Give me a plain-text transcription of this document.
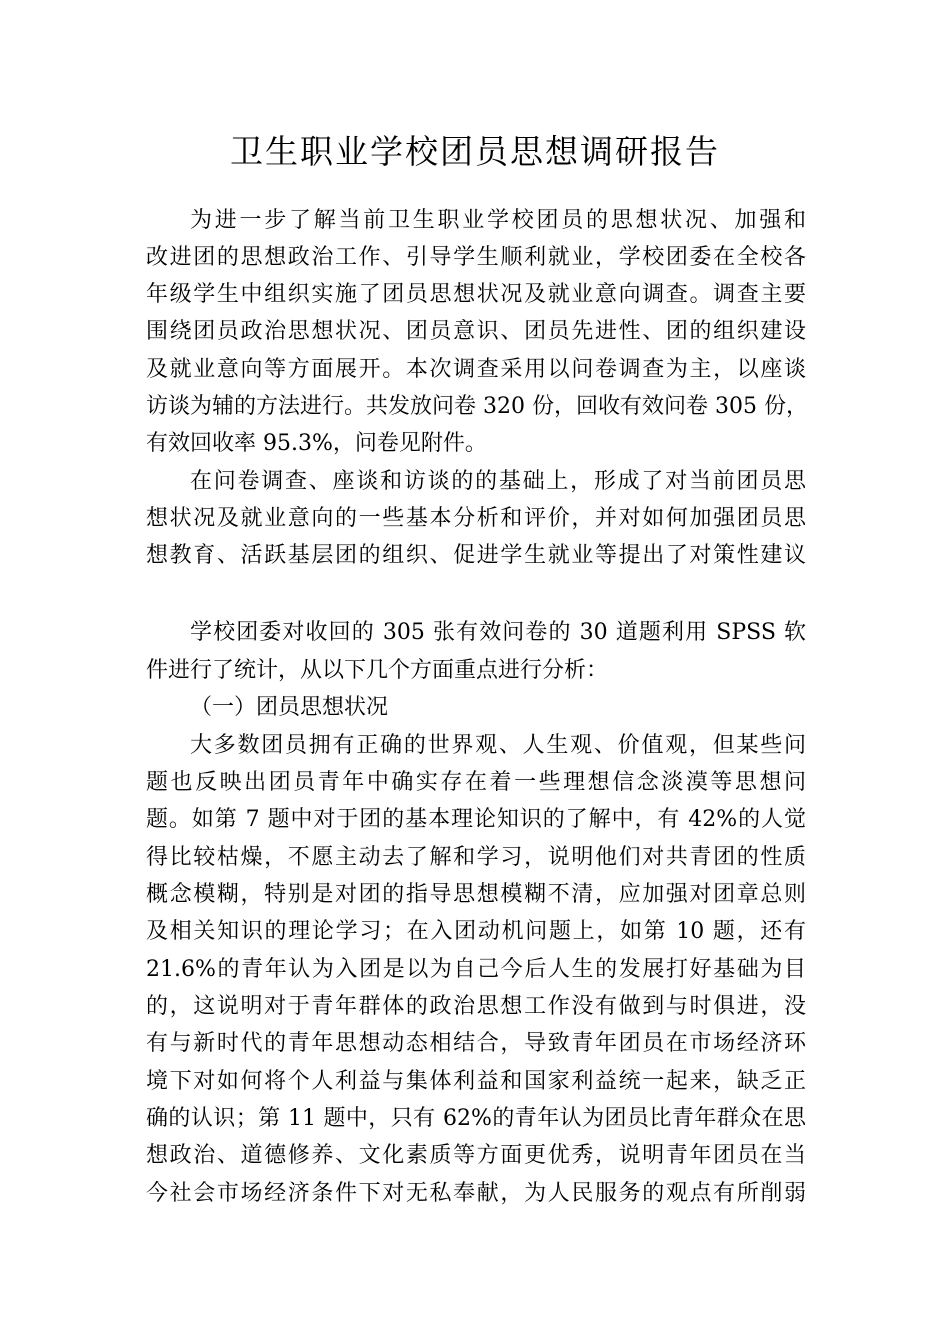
卫生职业学校团员思想调研报告
为进一步了解当前卫生职业学校团员的思想状况、加强和
改进团的思想政治工作、引导学生顺利就业，学校团委在全校各
年级学生中组织实施了团员思想状况及就业意向调查。调查主要
围绕团员政治思想状况、团员意识、团员先进性、团的组织建设
及就业意向等方面展开。本次调查采用以问卷调查为主，以座谈
访谈为辅的方法进行。共发放问卷 320 份，回收有效问卷 305 份，
有效回收率 95.3%，问卷见附件。
在问卷调查、座谈和访谈的的基础上，形成了对当前团员思
想状况及就业意向的一些基本分析和评价，并对如何加强团员思
想教育、活跃基层团的组织、促进学生就业等提出了对策性建议
学校团委对收回的 305 张有效问卷的 30 道题利用 SPSS 软
件进行了统计，从以下几个方面重点进行分析：
（一）团员思想状况
大多数团员拥有正确的世界观、人生观、价值观，但某些问
题也反映出团员青年中确实存在着一些理想信念淡漠等思想问
题。如第 7 题中对于团的基本理论知识的了解中，有 42%的人觉
得比较枯燥，不愿主动去了解和学习，说明他们对共青团的性质
概念模糊，特别是对团的指导思想模糊不清，应加强对团章总则
及相关知识的理论学习；在入团动机问题上，如第 10 题，还有
21.6%的青年认为入团是以为自己今后人生的发展打好基础为目
的，这说明对于青年群体的政治思想工作没有做到与时俱进，没
有与新时代的青年思想动态相结合，导致青年团员在市场经济环
境下对如何将个人利益与集体利益和国家利益统一起来，缺乏正
确的认识；第 11 题中，只有 62%的青年认为团员比青年群众在思
想政治、道德修养、文化素质等方面更优秀，说明青年团员在当
今社会市场经济条件下对无私奉献，为人民服务的观点有所削弱
